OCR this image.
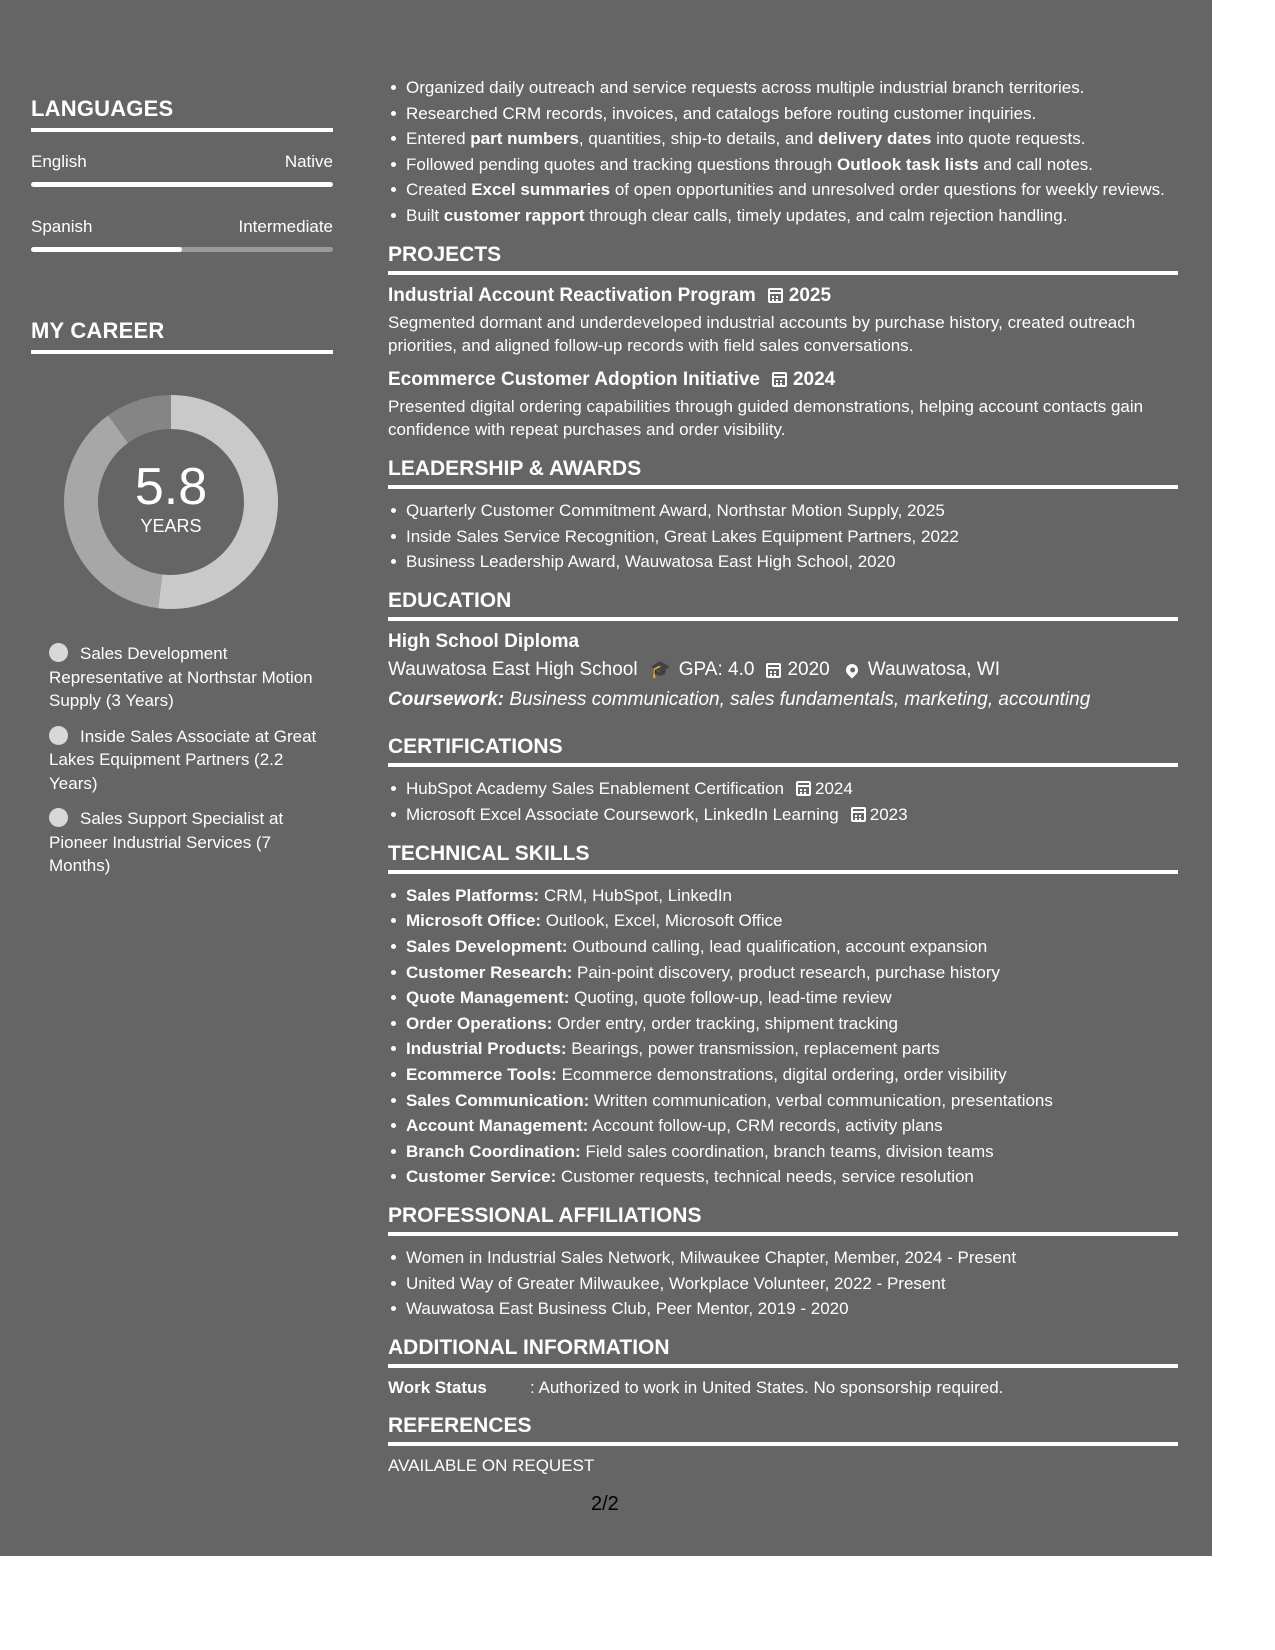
LANGUAGES
English	Native
Spanish	Intermediate
MY CAREER
5.8
YEARS
Sales Development Representative at Northstar Motion Supply (3 Years)
Inside Sales Associate at Great Lakes Equipment Partners (2.2 Years)
Sales Support Specialist at Pioneer Industrial Services (7 Months)
Organized daily outreach and service requests across multiple industrial branch territories.
Researched CRM records, invoices, and catalogs before routing customer inquiries.
Entered part numbers, quantities, ship-to details, and delivery dates into quote requests.
Followed pending quotes and tracking questions through Outlook task lists and call notes.
Created Excel summaries of open opportunities and unresolved order questions for weekly reviews.
Built customer rapport through clear calls, timely updates, and calm rejection handling.
PROJECTS
Industrial Account Reactivation Program 2025
Segmented dormant and underdeveloped industrial accounts by purchase history, created outreach priorities, and aligned follow-up records with field sales conversations.
Ecommerce Customer Adoption Initiative 2024
Presented digital ordering capabilities through guided demonstrations, helping account contacts gain confidence with repeat purchases and order visibility.
LEADERSHIP & AWARDS
Quarterly Customer Commitment Award, Northstar Motion Supply, 2025
Inside Sales Service Recognition, Great Lakes Equipment Partners, 2022
Business Leadership Award, Wauwatosa East High School, 2020
EDUCATION
High School Diploma
Wauwatosa East High School 🎓 GPA: 4.0 2020 Wauwatosa, WI
Coursework: Business communication, sales fundamentals, marketing, accounting
CERTIFICATIONS
HubSpot Academy Sales Enablement Certification 2024
Microsoft Excel Associate Coursework, LinkedIn Learning 2023
TECHNICAL SKILLS
Sales Platforms: CRM, HubSpot, LinkedIn
Microsoft Office: Outlook, Excel, Microsoft Office
Sales Development: Outbound calling, lead qualification, account expansion
Customer Research: Pain-point discovery, product research, purchase history
Quote Management: Quoting, quote follow-up, lead-time review
Order Operations: Order entry, order tracking, shipment tracking
Industrial Products: Bearings, power transmission, replacement parts
Ecommerce Tools: Ecommerce demonstrations, digital ordering, order visibility
Sales Communication: Written communication, verbal communication, presentations
Account Management: Account follow-up, CRM records, activity plans
Branch Coordination: Field sales coordination, branch teams, division teams
Customer Service: Customer requests, technical needs, service resolution
PROFESSIONAL AFFILIATIONS
Women in Industrial Sales Network, Milwaukee Chapter, Member, 2024 - Present
United Way of Greater Milwaukee, Workplace Volunteer, 2022 - Present
Wauwatosa East Business Club, Peer Mentor, 2019 - 2020
ADDITIONAL INFORMATION
Work Status	: Authorized to work in United States. No sponsorship required.
REFERENCES
AVAILABLE ON REQUEST
2/2
